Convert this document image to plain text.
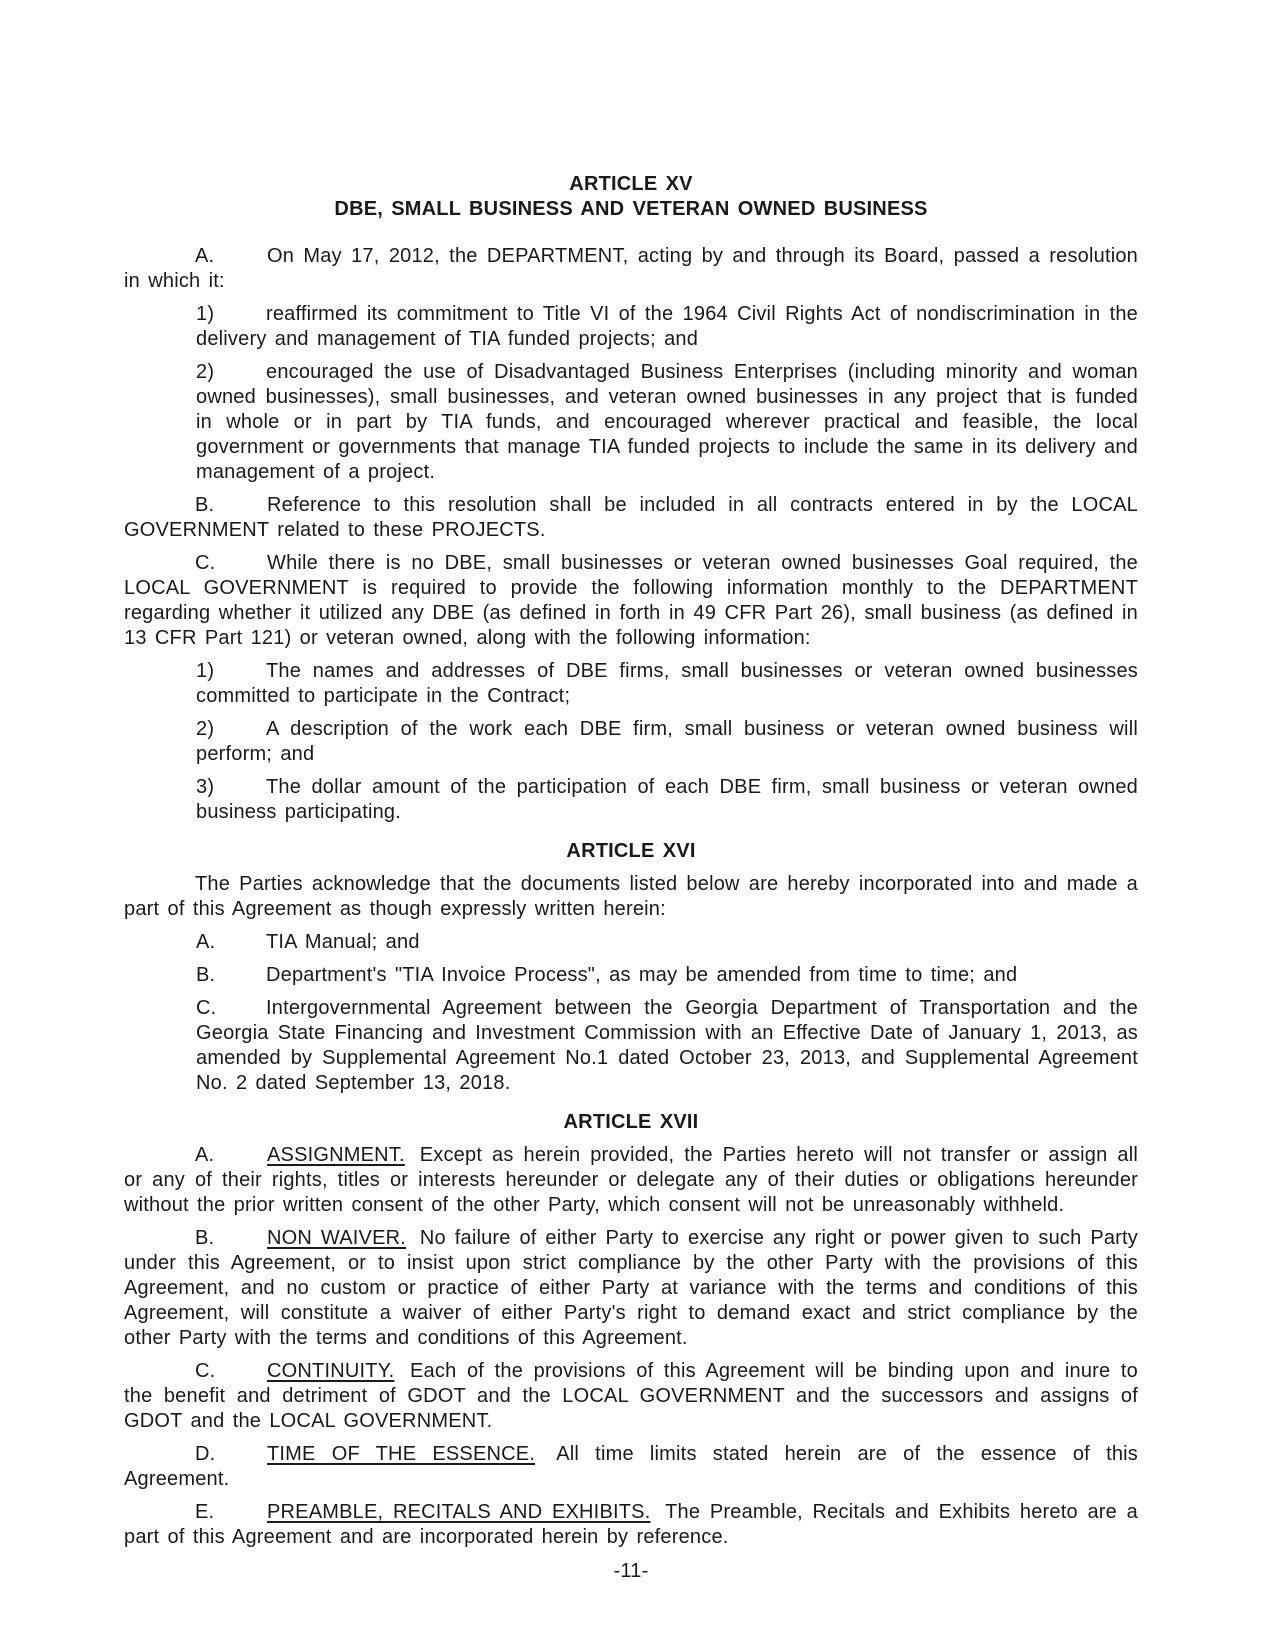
ARTICLE XV
DBE, SMALL BUSINESS AND VETERAN OWNED BUSINESS

A.	On May 17, 2012, the DEPARTMENT, acting by and through its Board, passed a resolution in which it:

1)	reaffirmed its commitment to Title VI of the 1964 Civil Rights Act of nondiscrimination in the delivery and management of TIA funded projects; and

2)	encouraged the use of Disadvantaged Business Enterprises (including minority and woman owned businesses), small businesses, and veteran owned businesses in any project that is funded in whole or in part by TIA funds, and encouraged wherever practical and feasible, the local government or governments that manage TIA funded projects to include the same in its delivery and management of a project.

B.	Reference to this resolution shall be included in all contracts entered in by the LOCAL GOVERNMENT related to these PROJECTS.

C.	While there is no DBE, small businesses or veteran owned businesses Goal required, the LOCAL GOVERNMENT is required to provide the following information monthly to the DEPARTMENT regarding whether it utilized any DBE (as defined in forth in 49 CFR Part 26), small business (as defined in 13 CFR Part 121) or veteran owned, along with the following information:

1)	The names and addresses of DBE firms, small businesses or veteran owned businesses committed to participate in the Contract;

2)	A description of the work each DBE firm, small business or veteran owned business will perform; and

3)	The dollar amount of the participation of each DBE firm, small business or veteran owned business participating.

ARTICLE XVI

The Parties acknowledge that the documents listed below are hereby incorporated into and made a part of this Agreement as though expressly written herein:

A.	TIA Manual; and

B.	Department's "TIA Invoice Process", as may be amended from time to time; and

C. Intergovernmental Agreement between the Georgia Department of Transportation and the Georgia State Financing and Investment Commission with an Effective Date of January 1, 2013, as amended by Supplemental Agreement No.1 dated October 23, 2013, and Supplemental Agreement No. 2 dated September 13, 2018.

ARTICLE XVII

A.	ASSIGNMENT. Except as herein provided, the Parties hereto will not transfer or assign all or any of their rights, titles or interests hereunder or delegate any of their duties or obligations hereunder without the prior written consent of the other Party, which consent will not be unreasonably withheld.

B.	NON WAIVER. No failure of either Party to exercise any right or power given to such Party under this Agreement, or to insist upon strict compliance by the other Party with the provisions of this Agreement, and no custom or practice of either Party at variance with the terms and conditions of this Agreement, will constitute a waiver of either Party's right to demand exact and strict compliance by the other Party with the terms and conditions of this Agreement.

C.	CONTINUITY. Each of the provisions of this Agreement will be binding upon and inure to the benefit and detriment of GDOT and the LOCAL GOVERNMENT and the successors and assigns of GDOT and the LOCAL GOVERNMENT.

D.	TIME OF THE ESSENCE. All time limits stated herein are of the essence of this Agreement.

E.	PREAMBLE, RECITALS AND EXHIBITS. The Preamble, Recitals and Exhibits hereto are a part of this Agreement and are incorporated herein by reference.

-11-
